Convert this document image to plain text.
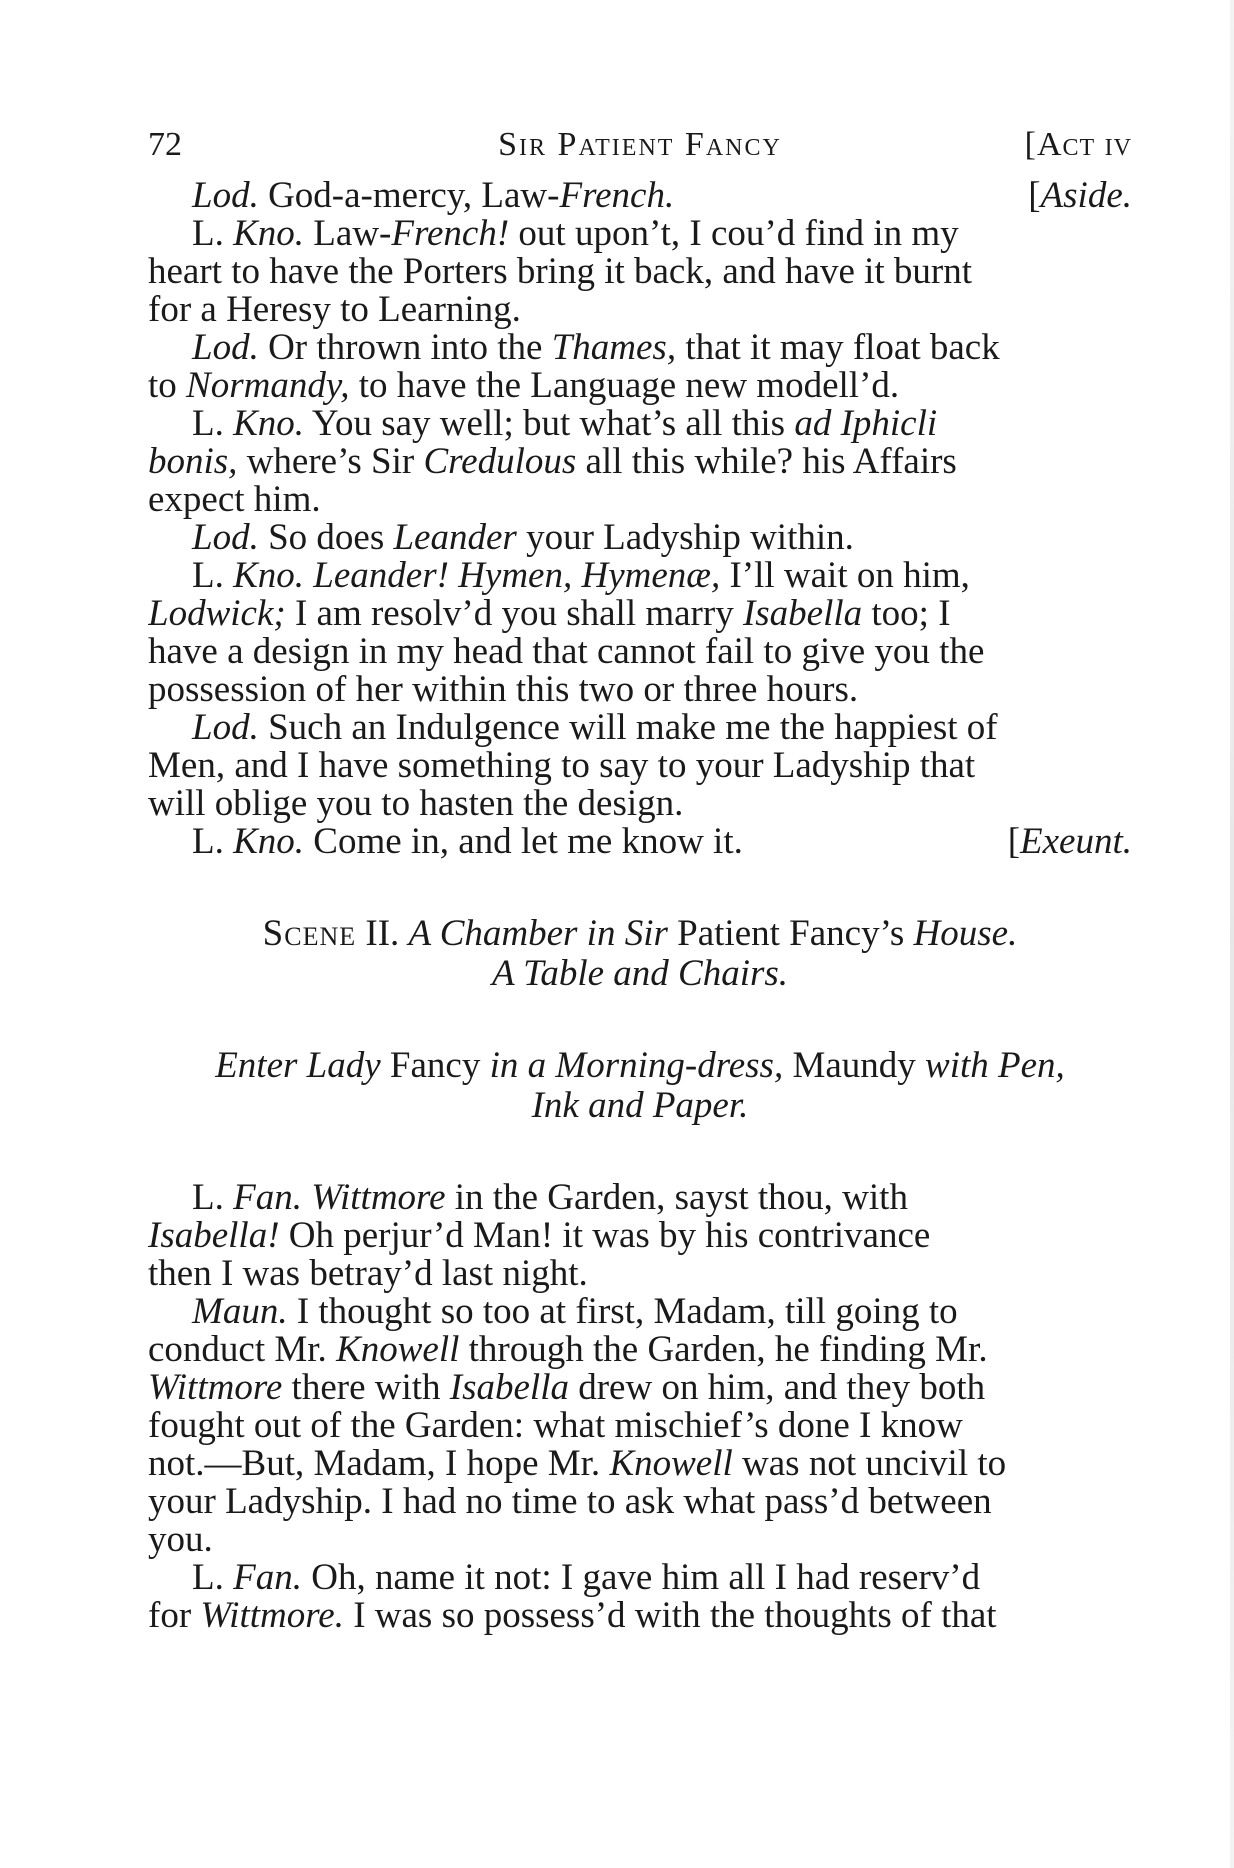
72	Sir Patient Fancy	[Act iv
Lod. God-a-mercy, Law-French.	[Aside.
L. Kno. Law-French! out upon’t, I cou’d find in my
heart to have the Porters bring it back, and have it burnt
for a Heresy to Learning.
Lod. Or thrown into the Thames, that it may float back
to Normandy, to have the Language new modell’d.
L. Kno. You say well; but what’s all this ad Iphicli
bonis, where’s Sir Credulous all this while? his Affairs
expect him.
Lod. So does Leander your Ladyship within.
L. Kno. Leander! Hymen, Hymenæ, I’ll wait on him,
Lodwick; I am resolv’d you shall marry Isabella too; I
have a design in my head that cannot fail to give you the
possession of her within this two or three hours.
Lod. Such an Indulgence will make me the happiest of
Men, and I have something to say to your Ladyship that
will oblige you to hasten the design.
L. Kno. Come in, and let me know it.	[Exeunt.
Scene II. A Chamber in Sir Patient Fancy’s House.
A Table and Chairs.
Enter Lady Fancy in a Morning-dress, Maundy with Pen,
Ink and Paper.
L. Fan. Wittmore in the Garden, sayst thou, with
Isabella! Oh perjur’d Man! it was by his contrivance
then I was betray’d last night.
Maun. I thought so too at first, Madam, till going to
conduct Mr. Knowell through the Garden, he finding Mr.
Wittmore there with Isabella drew on him, and they both
fought out of the Garden: what mischief’s done I know
not.—But, Madam, I hope Mr. Knowell was not uncivil to
your Ladyship. I had no time to ask what pass’d between
you.
L. Fan. Oh, name it not: I gave him all I had reserv’d
for Wittmore. I was so possess’d with the thoughts of that
